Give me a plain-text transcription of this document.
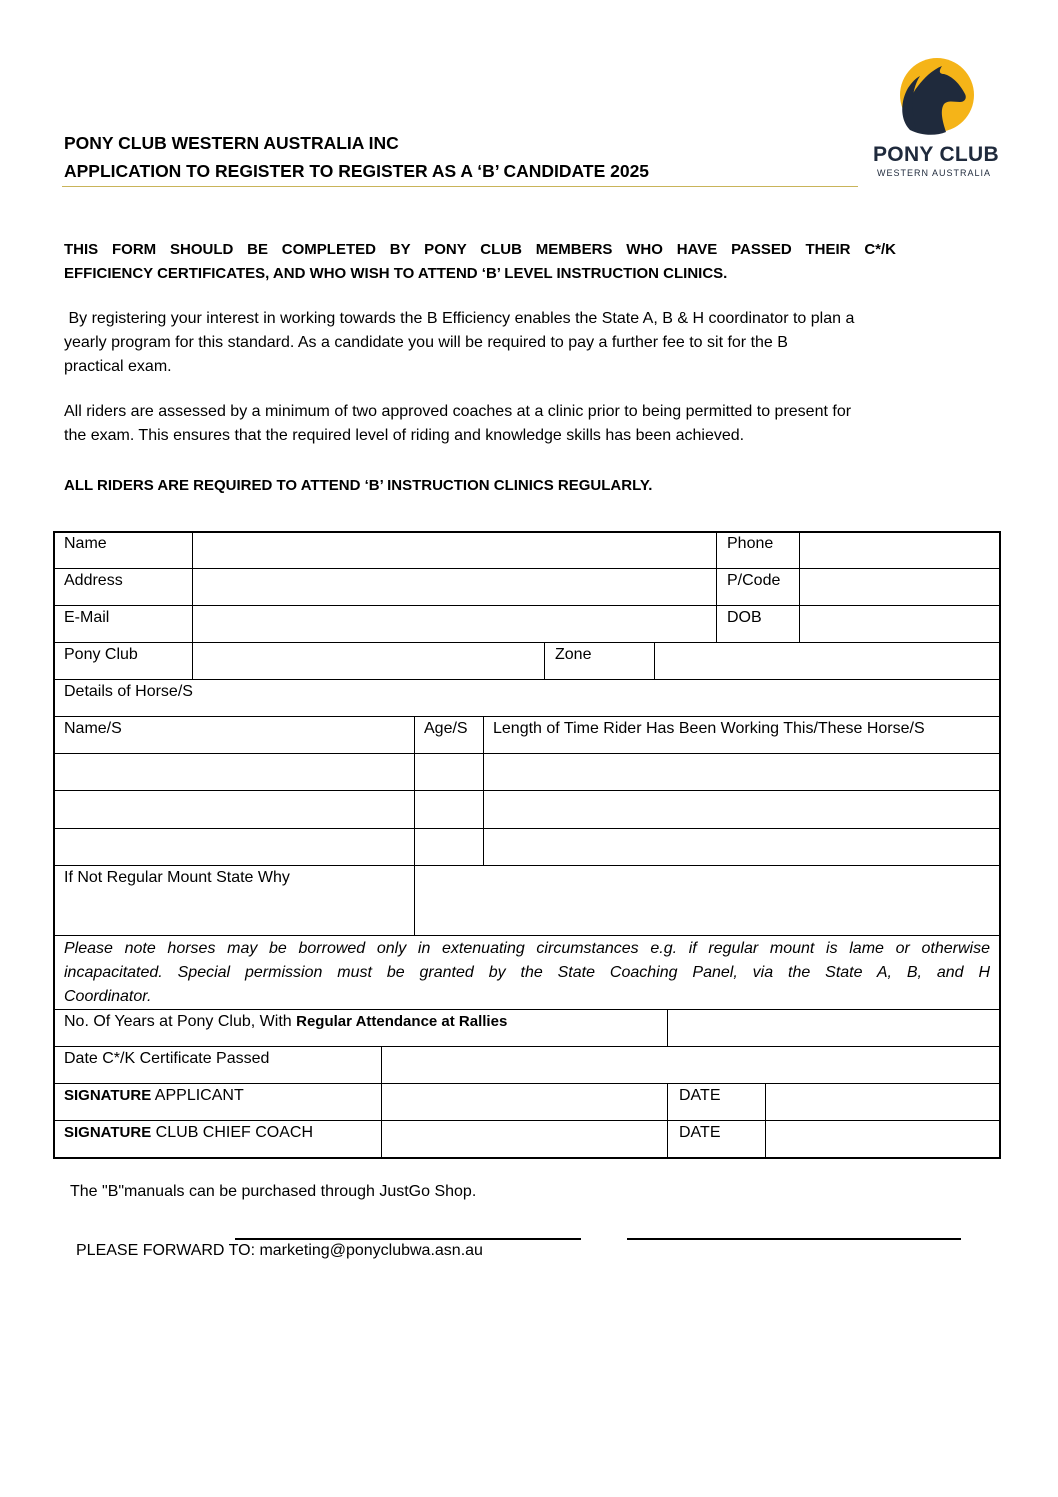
PONY CLUB WESTERN AUSTRALIA INC
APPLICATION TO REGISTER TO REGISTER AS A ‘B’ CANDIDATE 2025
PONY CLUB
WESTERN AUSTRALIA
THIS FORM SHOULD BE COMPLETED BY PONY CLUB MEMBERS WHO HAVE PASSED THEIR C*/K
EFFICIENCY CERTIFICATES, AND WHO WISH TO ATTEND ‘B’ LEVEL INSTRUCTION CLINICS.
By registering your interest in working towards the B Efficiency enables the State A, B & H coordinator to plan a
yearly program for this standard. As a candidate you will be required to pay a further fee to sit for the B
practical exam.
All riders are assessed by a minimum of two approved coaches at a clinic prior to being permitted to present for
the exam. This ensures that the required level of riding and knowledge skills has been achieved.
ALL RIDERS ARE REQUIRED TO ATTEND ‘B’ INSTRUCTION CLINICS REGULARLY.
Name	Phone
Address	P/Code
E-Mail	DOB
Pony Club	Zone
Details of Horse/S
Name/S	Age/S Length of Time Rider Has Been Working This/These Horse/S
If Not Regular Mount State Why
Please note horses may be borrowed only in extenuating circumstances e.g. if regular mount is lame or otherwise
incapacitated. Special permission must be granted by the State Coaching Panel, via the State A, B, and H
Coordinator.
No. Of Years at Pony Club, With Regular Attendance at Rallies
Date C*/K Certificate Passed
SIGNATURE APPLICANT	DATE
SIGNATURE CLUB CHIEF COACH	DATE
The "B"manuals can be purchased through JustGo Shop.
PLEASE FORWARD TO: marketing@ponyclubwa.asn.au
